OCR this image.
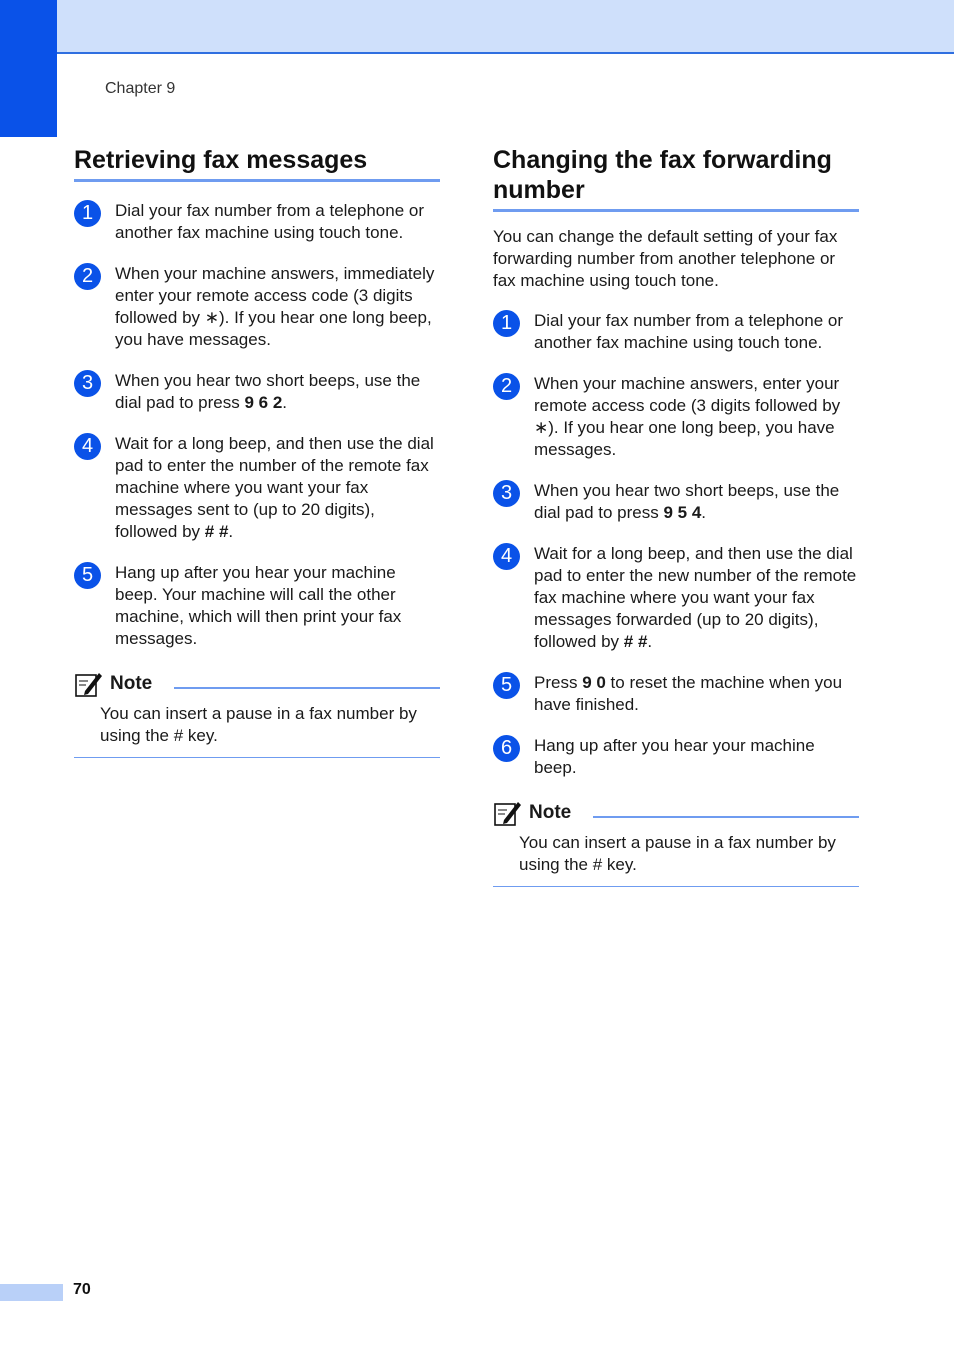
Chapter 9
Retrieving fax messages
1	Dial your fax number from a telephone or another fax machine using touch tone.
2	When your machine answers, immediately enter your remote access code (3 digits followed by ∗). If you hear one long beep, you have messages.
3	When you hear two short beeps, use the dial pad to press 9 6 2.
4	Wait for a long beep, and then use the dial pad to enter the number of the remote fax machine where you want your fax messages sent to (up to 20 digits), followed by # #.
5	Hang up after you hear your machine beep. Your machine will call the other machine, which will then print your fax messages.
Note

You can insert a pause in a fax number by using the # key.

Changing the fax forwarding number

You can change the default setting of your fax forwarding number from another telephone or fax machine using touch tone.

1	Dial your fax number from a telephone or another fax machine using touch tone.
2	When your machine answers, enter your remote access code (3 digits followed by ∗). If you hear one long beep, you have messages.
3	When you hear two short beeps, use the dial pad to press 9 5 4.
4	Wait for a long beep, and then use the dial pad to enter the new number of the remote fax machine where you want your fax messages forwarded (up to 20 digits), followed by # #.
5	Press 9 0 to reset the machine when you have finished.
6	Hang up after you hear your machine beep.
Note

You can insert a pause in a fax number by using the # key.

70
